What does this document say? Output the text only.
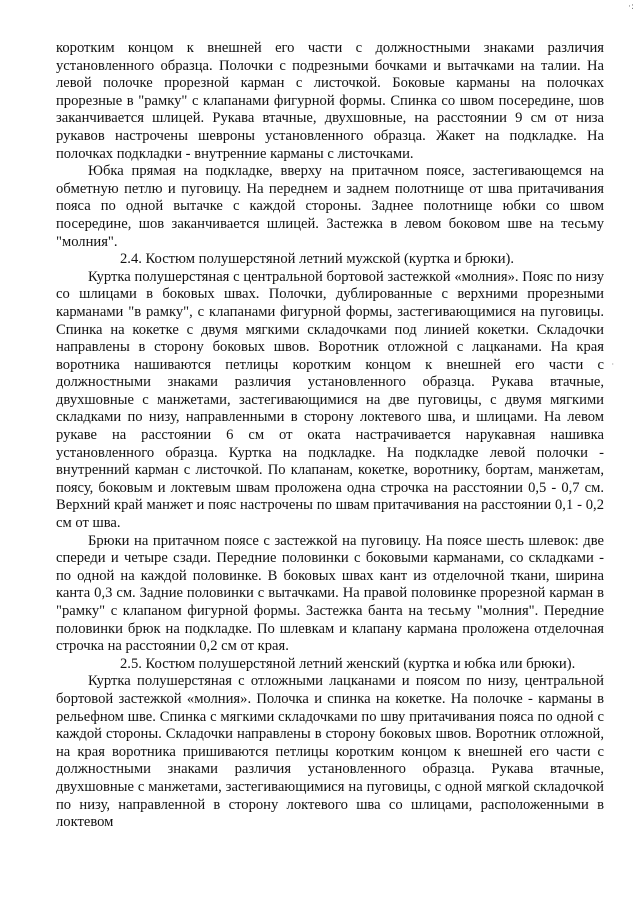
коротким концом к внешней его части с должностными знаками различия установленного образца. Полочки с подрезными бочками и вытачками на талии. На левой полочке прорезной карман с листочкой. Боковые карманы на полочках прорезные в "рамку" с клапанами фигурной формы. Спинка со швом посередине, шов заканчивается шлицей. Рукава втачные, двухшовные, на расстоянии 9 см от низа рукавов настрочены шевроны установленного образца. Жакет на подкладке. На полочках подкладки - внутренние карманы с листочками.

Юбка прямая на подкладке, вверху на притачном поясе, застегивающемся на обметную петлю и пуговицу. На переднем и заднем полотнище от шва притачивания пояса по одной вытачке с каждой стороны. Заднее полотнище юбки со швом посередине, шов заканчивается шлицей. Застежка в левом боковом шве на тесьму "молния".

2.4. Костюм полушерстяной летний мужской (куртка и брюки).

Куртка полушерстяная с центральной бортовой застежкой «молния». Пояс по низу со шлицами в боковых швах. Полочки, дублированные с верхними прорезными карманами "в рамку", с клапанами фигурной формы, застегивающимися на пуговицы. Спинка на кокетке с двумя мягкими складочками под линией кокетки. Складочки направлены в сторону боковых швов. Воротник отложной с лацканами. На края воротника нашиваются петлицы коротким концом к внешней его части с должностными знаками различия установленного образца. Рукава втачные, двухшовные с манжетами, застегивающимися на две пуговицы, с двумя мягкими складками по низу, направленными в сторону локтевого шва, и шлицами. На левом рукаве на расстоянии 6 см от оката настрачивается нарукавная нашивка установленного образца. Куртка на подкладке. На подкладке левой полочки - внутренний карман с листочкой. По клапанам, кокетке, воротнику, бортам, манжетам, поясу, боковым и локтевым швам проложена одна строчка на расстоянии 0,5 - 0,7 см. Верхний край манжет и пояс настрочены по швам притачивания на расстоянии 0,1 - 0,2 см от шва.

Брюки на притачном поясе с застежкой на пуговицу. На поясе шесть шлевок: две спереди и четыре сзади. Передние половинки с боковыми карманами, со складками - по одной на каждой половинке. В боковых швах кант из отделочной ткани, ширина канта 0,3 см. Задние половинки с вытачками. На правой половинке прорезной карман в "рамку" с клапаном фигурной формы. Застежка банта на тесьму "молния". Передние половинки брюк на подкладке. По шлевкам и клапану кармана проложена отделочная строчка на расстоянии 0,2 см от края.

2.5. Костюм полушерстяной летний женский (куртка и юбка или брюки).

Куртка полушерстяная с отложными лацканами и поясом по низу, центральной бортовой застежкой «молния». Полочка и спинка на кокетке. На полочке - карманы в рельефном шве. Спинка с мягкими складочками по шву притачивания пояса по одной с каждой стороны. Складочки направлены в сторону боковых швов. Воротник отложной, на края воротника пришиваются петлицы коротким концом к внешней его части с должностными знаками различия установленного образца. Рукава втачные, двухшовные с манжетами, застегивающимися на пуговицы, с одной мягкой складочкой по низу, направленной в сторону локтевого шва со шлицами, расположенными в локтевом

·:
·
